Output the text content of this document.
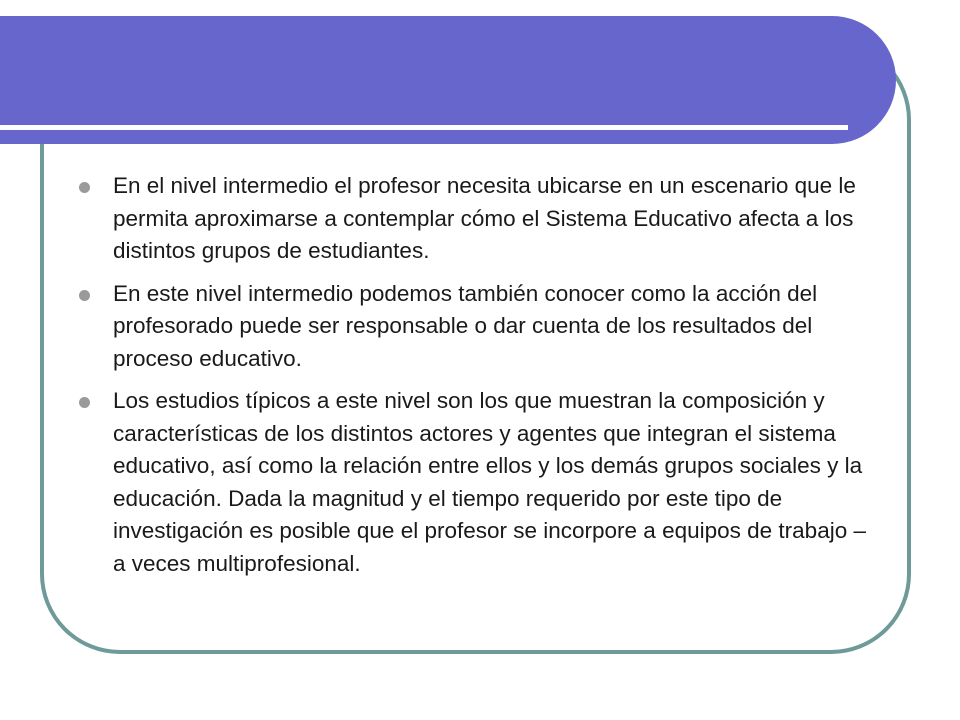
En el nivel intermedio el profesor necesita ubicarse en un escenario que le permita aproximarse a contemplar cómo el Sistema Educativo afecta a los distintos grupos de estudiantes.
En este nivel intermedio podemos también conocer como la acción del profesorado puede ser responsable o dar cuenta de los resultados del proceso educativo.
Los estudios típicos a este nivel son los que muestran la composición y características de los distintos actores y agentes que integran el sistema educativo, así como la relación entre ellos y los demás grupos sociales y la educación. Dada la magnitud y el tiempo requerido por este tipo de investigación es posible que el profesor se incorpore a equipos de trabajo – a veces multiprofesional.
